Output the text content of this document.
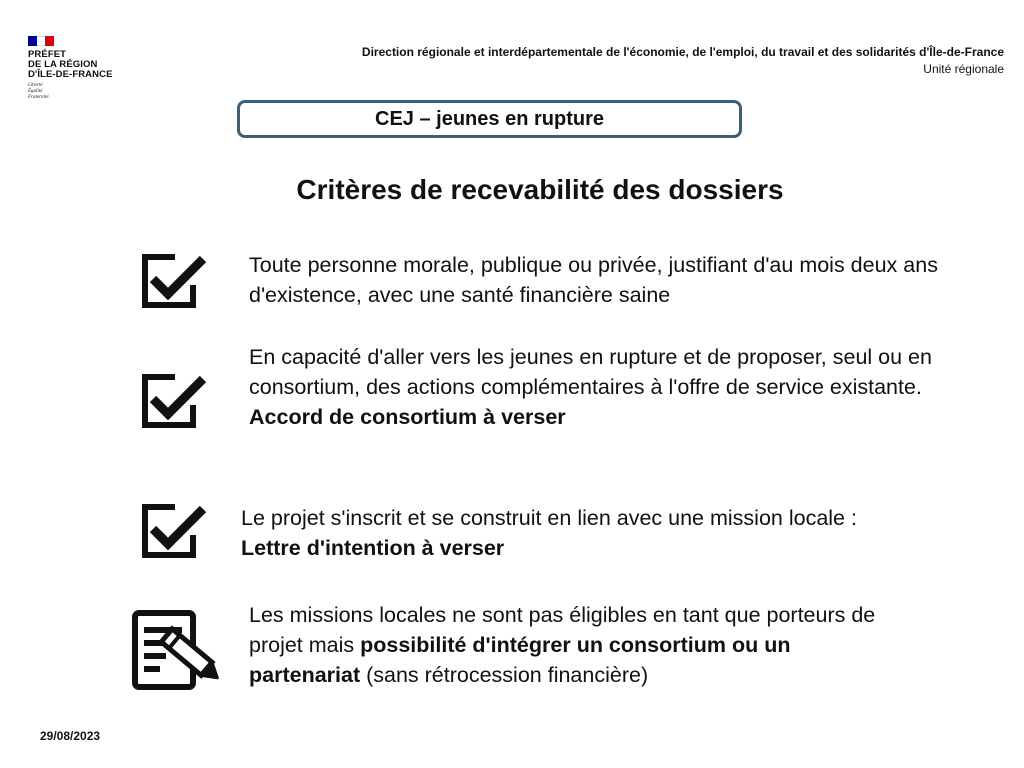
PRÉFET
DE LA RÉGION
D'ÎLE-DE-FRANCE
Liberté
Égalité
Fraternité
Direction régionale et interdépartementale de l'économie, de l'emploi, du travail et des solidarités d'Île-de-France
Unité régionale
CEJ – jeunes en rupture
Critères de recevabilité des dossiers
Toute personne morale, publique ou privée, justifiant d'au mois deux ans d'existence, avec une santé financière saine
En capacité d'aller vers les jeunes en rupture et de proposer, seul ou en consortium, des actions complémentaires à l'offre de service existante.
Accord de consortium à verser
Le projet s'inscrit et se construit en lien avec une mission locale : Lettre d'intention à verser
Les missions locales ne sont pas éligibles en tant que porteurs de projet mais possibilité d'intégrer un consortium ou un partenariat (sans rétrocession financière)
29/08/2023
